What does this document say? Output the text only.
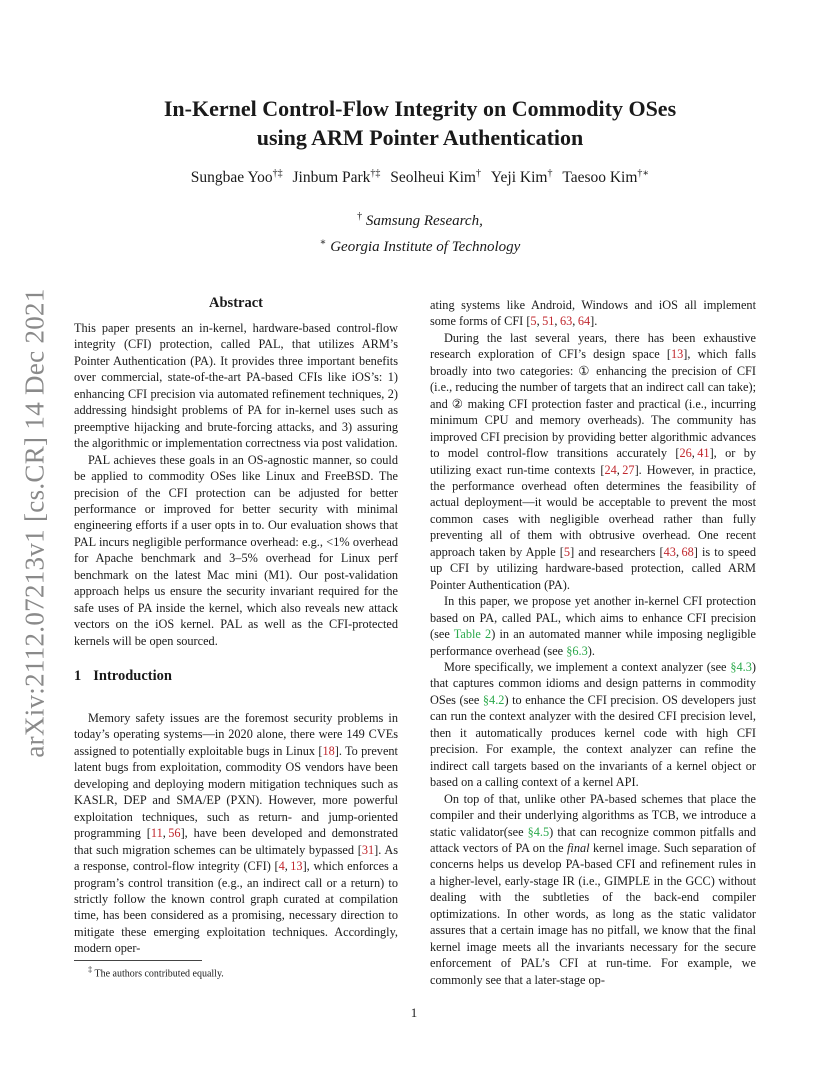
arXiv:2112.07213v1 [cs.CR] 14 Dec 2021
In-Kernel Control-Flow Integrity on Commodity OSes
using ARM Pointer Authentication
Sungbae Yoo†‡ Jinbum Park†‡ Seolheui Kim† Yeji Kim† Taesoo Kim†∗
† Samsung Research,
∗ Georgia Institute of Technology
Abstract

This paper presents an in-kernel, hardware-based control-flow integrity (CFI) protection, called PAL, that utilizes ARM’s Pointer Authentication (PA). It provides three important benefits over commercial, state-of-the-art PA-based CFIs like iOS’s: 1) enhancing CFI precision via automated refinement techniques, 2) addressing hindsight problems of PA for in-kernel uses such as preemptive hijacking and brute-forcing attacks, and 3) assuring the algorithmic or implementation correctness via post validation.

PAL achieves these goals in an OS-agnostic manner, so could be applied to commodity OSes like Linux and FreeBSD. The precision of the CFI protection can be adjusted for better performance or improved for better security with minimal engineering efforts if a user opts in to. Our evaluation shows that PAL incurs negligible performance overhead: e.g., <1% overhead for Apache benchmark and 3–5% overhead for Linux perf benchmark on the latest Mac mini (M1). Our post-validation approach helps us ensure the security invariant required for the safe uses of PA inside the kernel, which also reveals new attack vectors on the iOS kernel. PAL as well as the CFI-protected kernels will be open sourced.

1 Introduction

Memory safety issues are the foremost security problems in today’s operating systems—in 2020 alone, there were 149 CVEs assigned to potentially exploitable bugs in Linux [18]. To prevent latent bugs from exploitation, commodity OS vendors have been developing and deploying modern mitigation techniques such as KASLR, DEP and SMA/EP (PXN). However, more powerful exploitation techniques, such as return- and jump-oriented programming [11, 56], have been developed and demonstrated that such migration schemes can be ultimately bypassed [31]. As a response, control-flow integrity (CFI) [4, 13], which enforces a program’s control transition (e.g., an indirect call or a return) to strictly follow the known control graph curated at compilation time, has been considered as a promising, necessary direction to mitigate these emerging exploitation techniques. Accordingly, modern oper-

‡ The authors contributed equally.

ating systems like Android, Windows and iOS all implement some forms of CFI [5, 51, 63, 64].

During the last several years, there has been exhaustive research exploration of CFI’s design space [13], which falls broadly into two categories: ① enhancing the precision of CFI (i.e., reducing the number of targets that an indirect call can take); and ② making CFI protection faster and practical (i.e., incurring minimum CPU and memory overheads). The community has improved CFI precision by providing better algorithmic advances to model control-flow transitions accurately [26, 41], or by utilizing exact run-time contexts [24, 27]. However, in practice, the performance overhead often determines the feasibility of actual deployment—it would be acceptable to prevent the most common cases with negligible overhead rather than fully preventing all of them with obtrusive overhead. One recent approach taken by Apple [5] and researchers [43, 68] is to speed up CFI by utilizing hardware-based protection, called ARM Pointer Authentication (PA).

In this paper, we propose yet another in-kernel CFI protection based on PA, called PAL, which aims to enhance CFI precision (see Table 2) in an automated manner while imposing negligible performance overhead (see §6.3).

More specifically, we implement a context analyzer (see §4.3) that captures common idioms and design patterns in commodity OSes (see §4.2) to enhance the CFI precision. OS developers just can run the context analyzer with the desired CFI precision level, then it automatically produces kernel code with high CFI precision. For example, the context analyzer can refine the indirect call targets based on the invariants of a kernel object or based on a calling context of a kernel API.

On top of that, unlike other PA-based schemes that place the compiler and their underlying algorithms as TCB, we introduce a static validator(see §4.5) that can recognize common pitfalls and attack vectors of PA on the final kernel image. Such separation of concerns helps us develop PA-based CFI and refinement rules in a higher-level, early-stage IR (i.e., GIMPLE in the GCC) without dealing with the subtleties of the back-end compiler optimizations. In other words, as long as the static validator assures that a certain image has no pitfall, we know that the final kernel image meets all the invariants necessary for the secure enforcement of PAL’s CFI at run-time. For example, we commonly see that a later-stage op-

1
